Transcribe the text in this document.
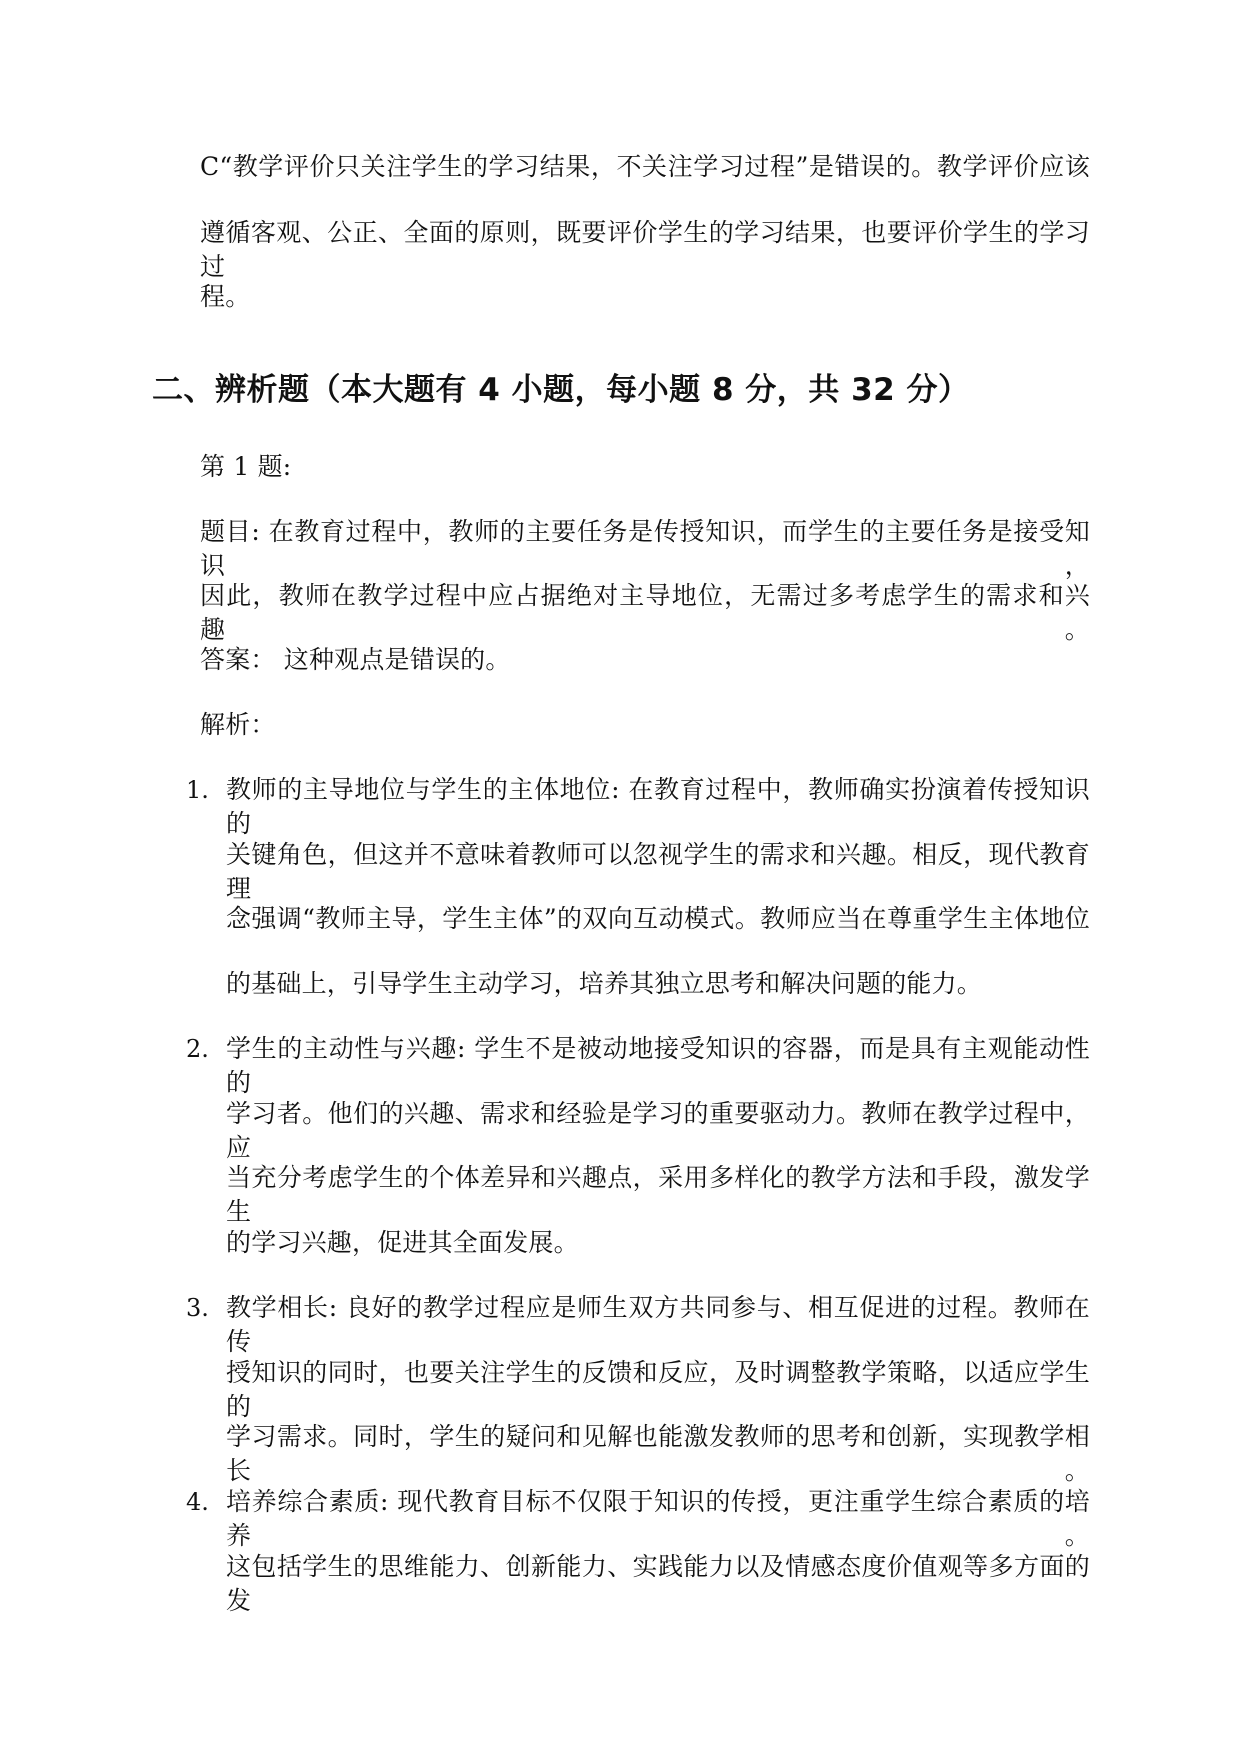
C“教学评价只关注学生的学习结果，不关注学习过程”是错误的。教学评价应该
遵循客观、公正、全面的原则，既要评价学生的学习结果，也要评价学生的学习过
程。
二、辨析题（本大题有 4 小题，每小题 8 分，共 32 分）
第 1 题:
题目: 在教育过程中，教师的主要任务是传授知识，而学生的主要任务是接受知识，
因此，教师在教学过程中应占据绝对主导地位，无需过多考虑学生的需求和兴趣。
答案： 这种观点是错误的。
解析：
1. 教师的主导地位与学生的主体地位: 在教育过程中，教师确实扮演着传授知识的
关键角色，但这并不意味着教师可以忽视学生的需求和兴趣。相反，现代教育理
念强调“教师主导，学生主体”的双向互动模式。教师应当在尊重学生主体地位
的基础上，引导学生主动学习，培养其独立思考和解决问题的能力。
2. 学生的主动性与兴趣: 学生不是被动地接受知识的容器，而是具有主观能动性的
学习者。他们的兴趣、需求和经验是学习的重要驱动力。教师在教学过程中，应
当充分考虑学生的个体差异和兴趣点，采用多样化的教学方法和手段，激发学生
的学习兴趣，促进其全面发展。
3. 教学相长: 良好的教学过程应是师生双方共同参与、相互促进的过程。教师在传
授知识的同时，也要关注学生的反馈和反应，及时调整教学策略，以适应学生的
学习需求。同时，学生的疑问和见解也能激发教师的思考和创新，实现教学相长。
4. 培养综合素质: 现代教育目标不仅限于知识的传授，更注重学生综合素质的培养。
这包括学生的思维能力、创新能力、实践能力以及情感态度价值观等多方面的发
